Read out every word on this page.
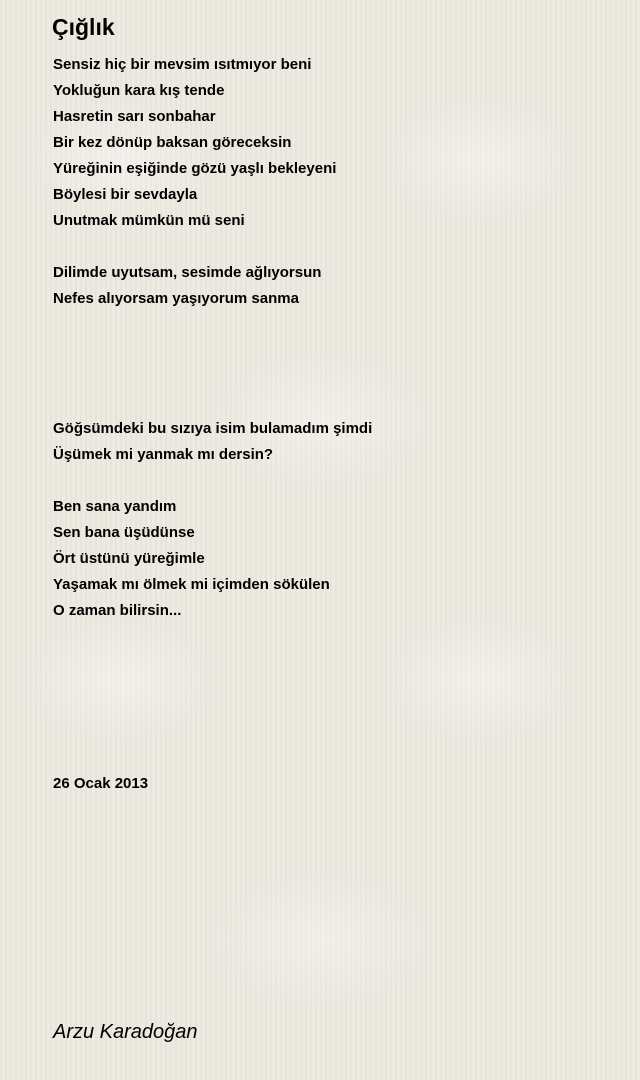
Çığlık
Sensiz hiç bir mevsim ısıtmıyor beni
Yokluğun kara kış tende
Hasretin sarı sonbahar
Bir kez dönüp baksan göreceksin
Yüreğinin eşiğinde gözü yaşlı bekleyeni
Böylesi bir sevdayla
Unutmak mümkün mü seni
Dilimde uyutsam, sesimde ağlıyorsun
Nefes alıyorsam yaşıyorum sanma
Göğsümdeki bu sızıya isim bulamadım şimdi
Üşümek mi yanmak mı dersin?
Ben sana yandım
Sen bana üşüdünse
Ört üstünü yüreğimle
Yaşamak mı ölmek mi içimden sökülen
O zaman bilirsin...
26 Ocak 2013
Arzu Karadoğan
